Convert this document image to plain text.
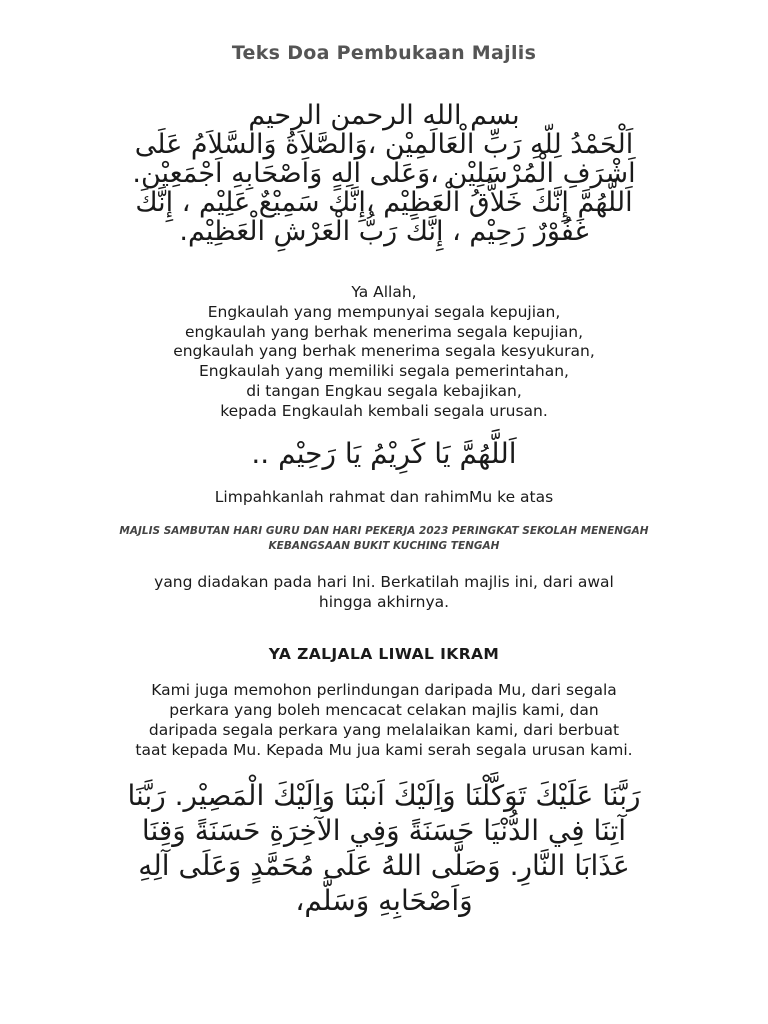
Teks Doa Pembukaan Majlis
بسم الله الرحمن الرحيم
اَلْحَمْدُ لِلّهِ رَبِّ الْعَالَمِيْن ،وَالصَّلاَةُ وَالسَّلاَمُ عَلَى
اَشْرَفِ الْمُرْسَلِيْن ،وَعَلَى اَلِهِ وَاَصْحَابِهِ اَجْمَعِيْن.
اَللَّهُمَّ إِنَّكَ خَلاَّقُ الْعَظِيْم ،إِنَّكَ سَمِيْعٌ عَلِيْم ، إِنَّكَ
غَفُوْرٌ رَحِيْم ، إِنَّكَ رَبُّ الْعَرْشِ الْعَظِيْم.
Ya Allah,
Engkaulah yang mempunyai segala kepujian,
engkaulah yang berhak menerima segala kepujian,
engkaulah yang berhak menerima segala kesyukuran,
Engkaulah yang memiliki segala pemerintahan,
di tangan Engkau segala kebajikan,
kepada Engkaulah kembali segala urusan.
اَللَّهُمَّ يَا كَرِيْمُ يَا رَحِيْم ..
Limpahkanlah rahmat dan rahimMu ke atas
MAJLIS SAMBUTAN HARI GURU DAN HARI PEKERJA 2023 PERINGKAT SEKOLAH MENENGAH
KEBANGSAAN BUKIT KUCHING TENGAH
yang diadakan pada hari Ini. Berkatilah majlis ini, dari awal
hingga akhirnya.
YA ZALJALA LIWAL IKRAM
Kami juga memohon perlindungan daripada Mu, dari segala
perkara yang boleh mencacat celakan majlis kami, dan
daripada segala perkara yang melalaikan kami, dari berbuat
taat kepada Mu. Kepada Mu jua kami serah segala urusan kami.
رَبَّنَا عَلَيْكَ تَوَكَّلْنَا وَاِلَيْكَ اَنبْنَا وَاِلَيْكَ الْمَصِيْر. رَبَّنَا
آتِنَا فِي الدُّنْيَا حَسَنَةً وَفِي الآخِرَةِ حَسَنَةً وَقِنَا
عَذَابَا النَّارِ. وَصَلَّى اللهُ عَلَى مُحَمَّدٍ وَعَلَى آلِهِ
وَاَصْحَابِهِ وَسَلَّم،
